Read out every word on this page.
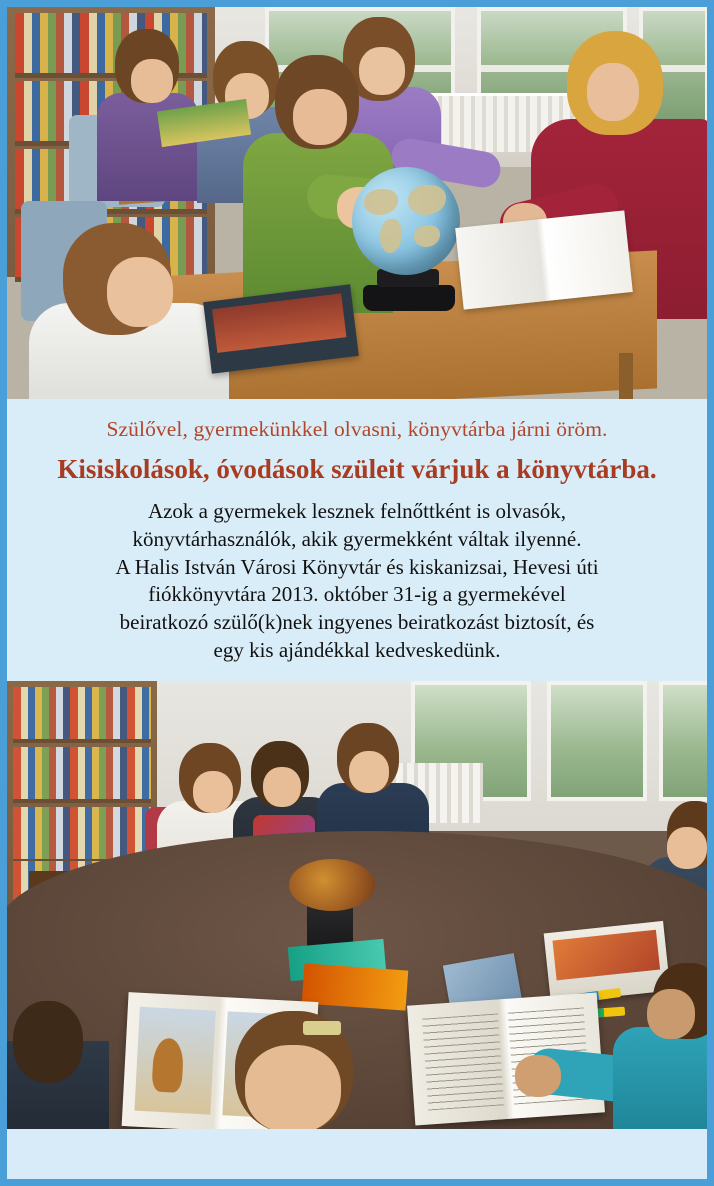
Szülővel, gyermekünkkel olvasni, könyvtárba járni öröm.
Kisiskolások, óvodások szüleit várjuk a könyvtárba.

Azok a gyermekek lesznek felnőttként is olvasók,
könyvtárhasználók, akik gyermekként váltak ilyenné.
A Halis István Városi Könyvtár és kiskanizsai, Hevesi úti
fiókkönyvtára 2013. október 31-ig a gyermekével
beiratkozó szülő(k)nek ingyenes beiratkozást biztosít, és
egy kis ajándékkal kedveskedünk.
